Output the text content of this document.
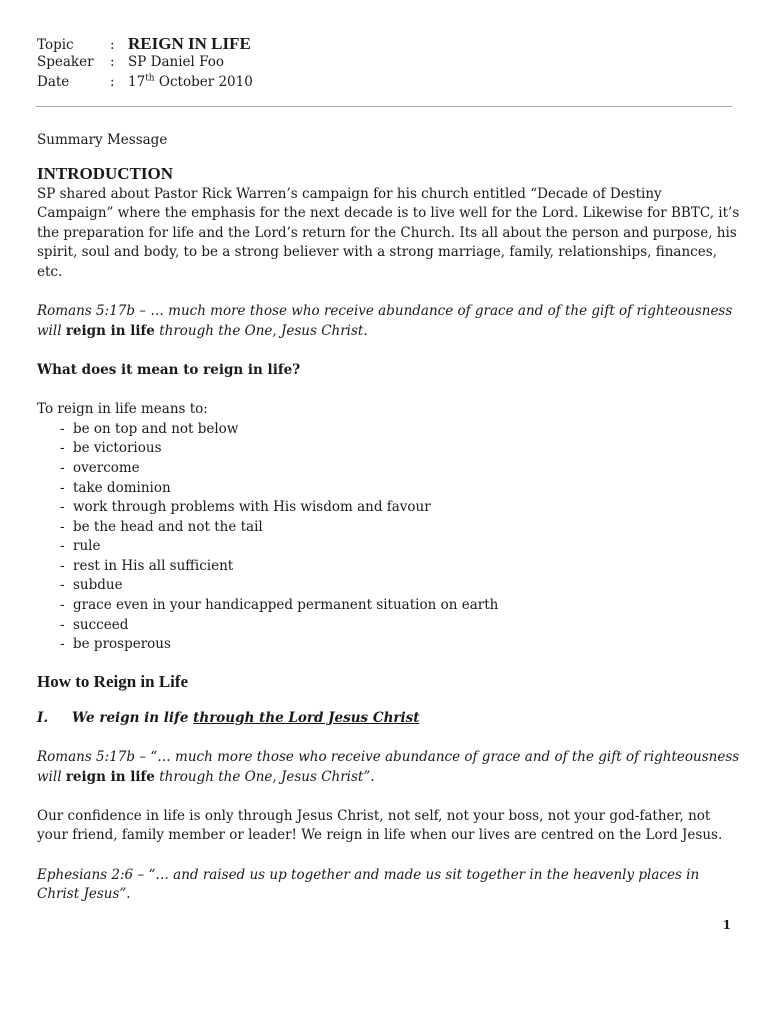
Topic	: REIGN IN LIFE
Speaker	: SP Daniel Foo
Date	: 17th October 2010

Summary Message

INTRODUCTION

SP shared about Pastor Rick Warren’s campaign for his church entitled “Decade of Destiny Campaign” where the emphasis for the next decade is to live well for the Lord. Likewise for BBTC, it’s the preparation for life and the Lord’s return for the Church. Its all about the person and purpose, his spirit, soul and body, to be a strong believer with a strong marriage, family, relationships, finances, etc.

Romans 5:17b – … much more those who receive abundance of grace and of the gift of righteousness will reign in life through the One, Jesus Christ.

What does it mean to reign in life?

To reign in life means to:

- be on top and not below
- be victorious
- overcome
- take dominion
- work through problems with His wisdom and favour
- be the head and not the tail
- rule
- rest in His all sufficient
- subdue
- grace even in your handicapped permanent situation on earth
- succeed
- be prosperous

How to Reign in Life

I.	We reign in life through the Lord Jesus Christ

Romans 5:17b – “… much more those who receive abundance of grace and of the gift of righteousness will reign in life through the One, Jesus Christ”.

Our confidence in life is only through Jesus Christ, not self, not your boss, not your god-father, not your friend, family member or leader! We reign in life when our lives are centred on the Lord Jesus.

Ephesians 2:6 – “… and raised us up together and made us sit together in the heavenly places in Christ Jesus”.

1
